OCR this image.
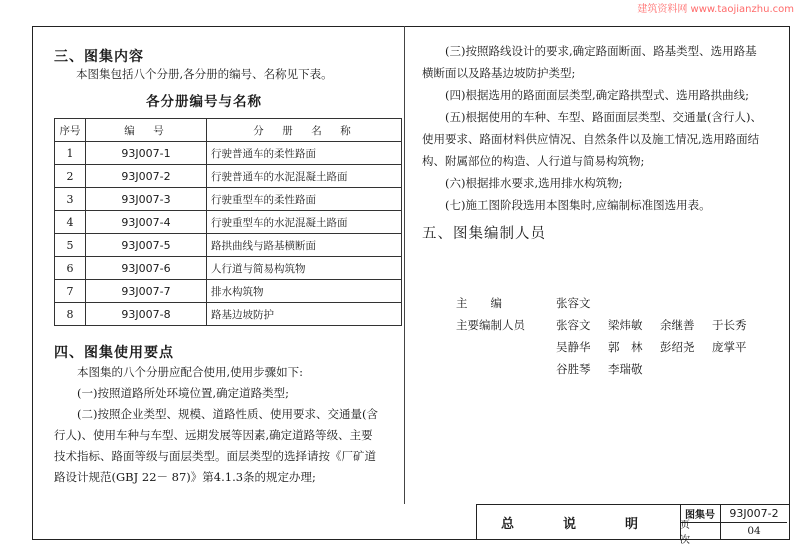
建筑资料网 www.taojianzhu.com
三、图集内容

本图集包括八个分册,各分册的编号、名称见下表。

各分册编号与名称
序号	编　号	分　册　名　称
1	93J007-1	行驶普通车的柔性路面
2	93J007-2	行驶普通车的水泥混凝土路面
3	93J007-3	行驶重型车的柔性路面
4	93J007-4	行驶重型车的水泥混凝土路面
5	93J007-5	路拱曲线与路基横断面
6	93J007-6	人行道与简易构筑物
7	93J007-7	排水构筑物
8	93J007-8	路基边坡防护
四、图集使用要点

本图集的八个分册应配合使用,使用步骤如下:

(一)按照道路所处环境位置,确定道路类型;

(二)按照企业类型、规模、道路性质、使用要求、交通量(含行人)、使用车种与车型、远期发展等因素,确定道路等级、主要技术指标、路面等级与面层类型。面层类型的选择请按《厂矿道路设计规范(GBJ 22－ 87)》第4.1.3条的规定办理;

(三)按照路线设计的要求,确定路面断面、路基类型、选用路基横断面以及路基边坡防护类型;

(四)根据选用的路面面层类型,确定路拱型式、选用路拱曲线;

(五)根据使用的车种、车型、路面面层类型、交通量(含行人)、使用要求、路面材料供应情况、自然条件以及施工情况,选用路面结构、附属部位的构造、人行道与简易构筑物;

(六)根据排水要求,选用排水构筑物;

(七)施工图阶段选用本图集时,应编制标准图选用表。

五、图集编制人员
主　　编	张容文
主要编制人员	张容文	梁炜敏	余继善	于长秀
吴静华	郭　林	彭绍尧	庞掌平
谷胜琴	李瑞敬
总　说　明
图集号	93J007-2
页　次
04
